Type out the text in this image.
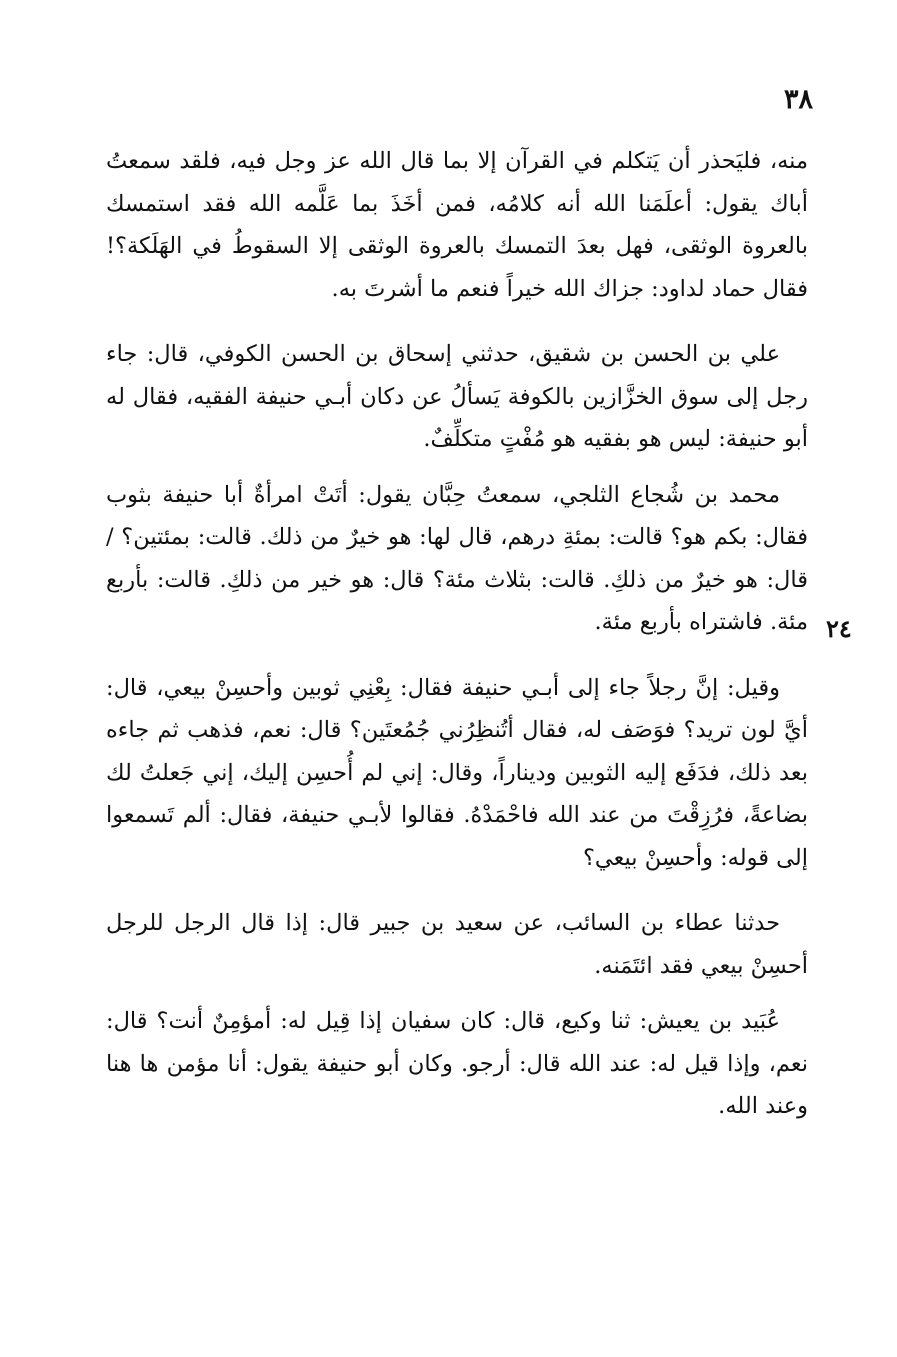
٣٨
٢٤

منه، فليَحذر أن يَتكلم في القرآن إلا بما قال الله عز وجل فيه، فلقد سمعتُ أباك يقول: أعلَمَنا الله أنه كلامُه، فمن أخَذَ بما عَلَّمه الله فقد استمسك بالعروة الوثقى، فهل بعدَ التمسك بالعروة الوثقى إلا السقوطُ في الهَلَكة؟! فقال حماد لداود: جزاك الله خيراً فنعم ما أشرتَ به.

علي بن الحسن بن شقيق، حدثني إسحاق بن الحسن الكوفي، قال: جاء رجل إلى سوق الخزَّازين بالكوفة يَسألُ عن دكان أبـي حنيفة الفقيه، فقال له أبو حنيفة: ليس هو بفقيه هو مُفْتٍ متكلِّفٌ.

محمد بن شُجاع الثلجي، سمعتُ حِبَّان يقول: أتَتْ امرأةٌ أبا حنيفة بثوب فقال: بكم هو؟ قالت: بمئةِ درهم، قال لها: هو خيرٌ من ذلك. قالت: بمئتين؟ / قال: هو خيرٌ من ذلكِ. قالت: بثلاث مئة؟ قال: هو خير من ذلكِ. قالت: بأربع مئة. فاشتراه بأربع مئة.

وقيل: إنَّ رجلاً جاء إلى أبـي حنيفة فقال: بِعْنِي ثوبين وأحسِنْ بيعي، قال: أيَّ لون تريد؟ فوَصَف له، فقال أتُنظِرُني جُمُعتَين؟ قال: نعم، فذهب ثم جاءه بعد ذلك، فدَفَع إليه الثوبين وديناراً، وقال: إني لم أُحسِن إليك، إني جَعلتُ لك بضاعةً، فرُزِقْتَ من عند الله فاحْمَدْهُ. فقالوا لأبـي حنيفة، فقال: ألم تَسمعوا إلى قوله: وأحسِنْ بيعي؟

حدثنا عطاء بن السائب، عن سعيد بن جبير قال: إذا قال الرجل للرجل أحسِنْ بيعي فقد ائتَمَنه.

عُبَيد بن يعيش: ثنا وكيع، قال: كان سفيان إذا قِيل له: أمؤمِنٌ أنت؟ قال: نعم، وإذا قيل له: عند الله قال: أرجو. وكان أبو حنيفة يقول: أنا مؤمن ها هنا وعند الله.
